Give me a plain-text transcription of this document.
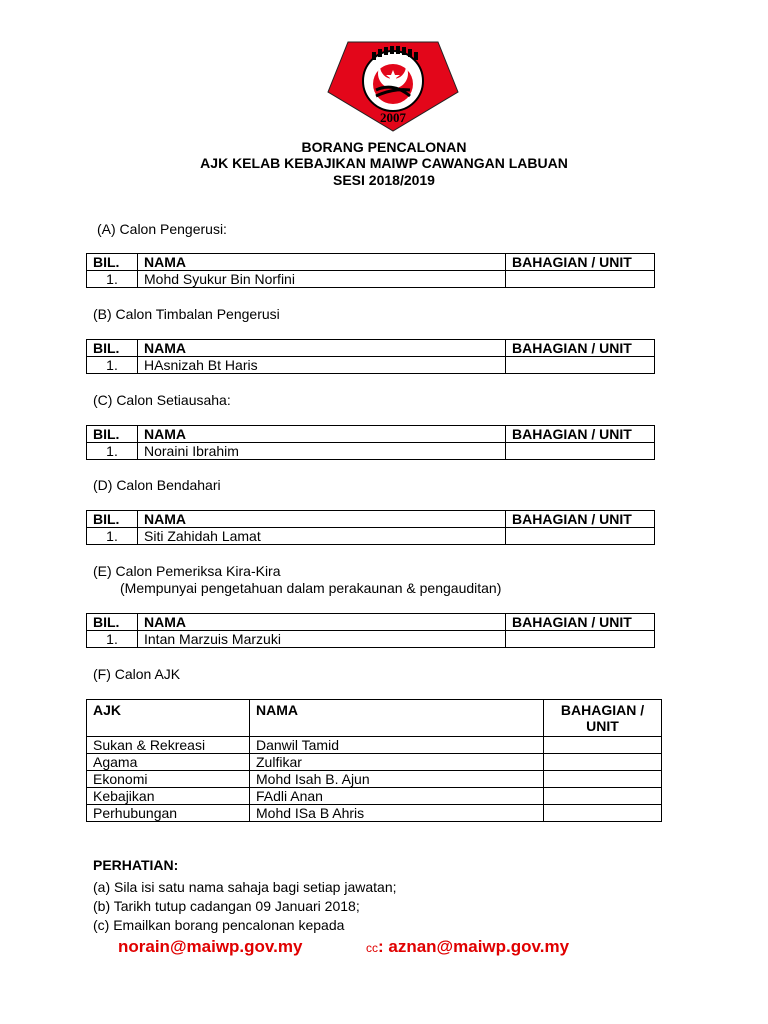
2007
BORANG PENCALONAN
AJK KELAB KEBAJIKAN MAIWP CAWANGAN LABUAN
SESI 2018/2019
(A) Calon Pengerusi:
BIL.	NAMA	BAHAGIAN / UNIT
1.	Mohd Syukur Bin Norfini	
(B) Calon Timbalan Pengerusi
BIL.	NAMA	BAHAGIAN / UNIT
1.	HAsnizah Bt Haris	
(C) Calon Setiausaha:
BIL.	NAMA	BAHAGIAN / UNIT
1.	Noraini Ibrahim	
(D) Calon Bendahari
BIL.	NAMA	BAHAGIAN / UNIT
1.	Siti Zahidah Lamat	
(E) Calon Pemeriksa Kira-Kira
(Mempunyai pengetahuan dalam perakaunan & pengauditan)
BIL.	NAMA	BAHAGIAN / UNIT
1.	Intan Marzuis Marzuki	
(F) Calon AJK
AJK	NAMA	BAHAGIAN /
UNIT
Sukan & Rekreasi	Danwil Tamid	
Agama	Zulfikar	
Ekonomi	Mohd Isah B. Ajun	
Kebajikan	FAdli Anan	
Perhubungan	Mohd ISa B Ahris	
PERHATIAN:
(a) Sila isi satu nama sahaja bagi setiap jawatan;
(b) Tarikh tutup cadangan 09 Januari 2018;
(c) Emailkan borang pencalonan kepada
norain@maiwp.gov.my	cc: aznan@maiwp.gov.my
